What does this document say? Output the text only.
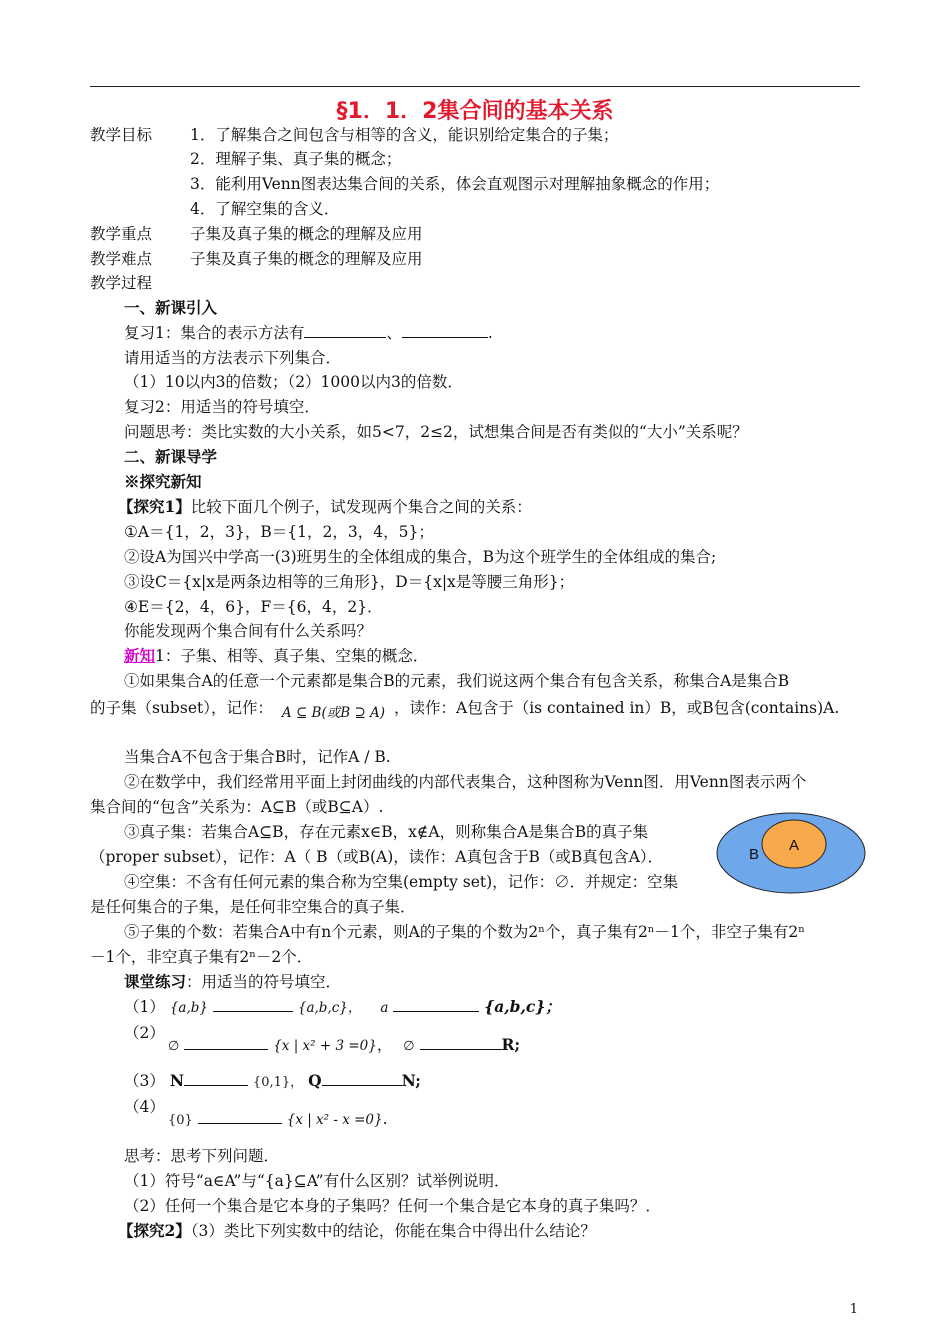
§1．1．2集合间的基本关系
教学目标 1．了解集合之间包含与相等的含义，能识别给定集合的子集；
2．理解子集、真子集的概念；
3．能利用Venn图表达集合间的关系，体会直观图示对理解抽象概念的作用；
4．了解空集的含义．
教学重点 子集及真子集的概念的理解及应用
教学难点 子集及真子集的概念的理解及应用
教学过程
一、新课引入
复习1：集合的表示方法有	、	.
请用适当的方法表示下列集合．
（1）10以内3的倍数；（2）1000以内3的倍数．
复习2：用适当的符号填空．
问题思考：类比实数的大小关系，如5<7，2≤2，试想集合间是否有类似的“大小”关系呢？
二、新课导学
※探究新知
【探究1】比较下面几个例子，试发现两个集合之间的关系：
①A＝{1，2，3}，B＝{1，2，3，4，5}；
②设A为国兴中学高一(3)班男生的全体组成的集合，B为这个班学生的全体组成的集合;
③设C＝{x|x是两条边相等的三角形}，D＝{x|x是等腰三角形}；
④E＝{2，4，6}，F＝{6，4，2}．
你能发现两个集合间有什么关系吗？
新知1：子集、相等、真子集、空集的概念．
①如果集合A的任意一个元素都是集合B的元素，我们说这两个集合有包含关系，称集合A是集合B
的子集（subset），记作： A ⊆ B(或B ⊇ A) ，读作：A包含于（is contained in）B，或B包含(contains)A.
当集合A不包含于集合B时，记作A / B.
②在数学中，我们经常用平面上封闭曲线的内部代表集合，这种图称为Venn图．用Venn图表示两个
集合间的“包含”关系为：A⊆B（或B⊆A）.
③真子集：若集合A⊆B，存在元素x∈B，x∉A，则称集合A是集合B的真子集
（proper subset），记作：A（ B（或B(A)，读作：A真包含于B（或B真包含A）．
④空集：不含有任何元素的集合称为空集(empty set)，记作：∅．并规定：空集
是任何集合的子集，是任何非空集合的真子集．
⑤子集的个数：若集合A中有n个元素，则A的子集的个数为2ⁿ个，真子集有2ⁿ－1个，非空子集有2ⁿ
－1个，非空真子集有2ⁿ－2个．
A
B
课堂练习：用适当的符号填空．
（1） {a,b}	{a,b,c}， a	{a,b,c}；
（2）
∅	{x | x² + 3 =0}， ∅	R;
（3） N	{0,1}， Q	N;
（4）
{0}	{x | x² - x =0}.
思考：思考下列问题．
（1）符号“a∈A”与“{a}⊆A”有什么区别？试举例说明．
（2）任何一个集合是它本身的子集吗？任何一个集合是它本身的真子集吗？．
【探究2】（3）类比下列实数中的结论，你能在集合中得出什么结论？
1
